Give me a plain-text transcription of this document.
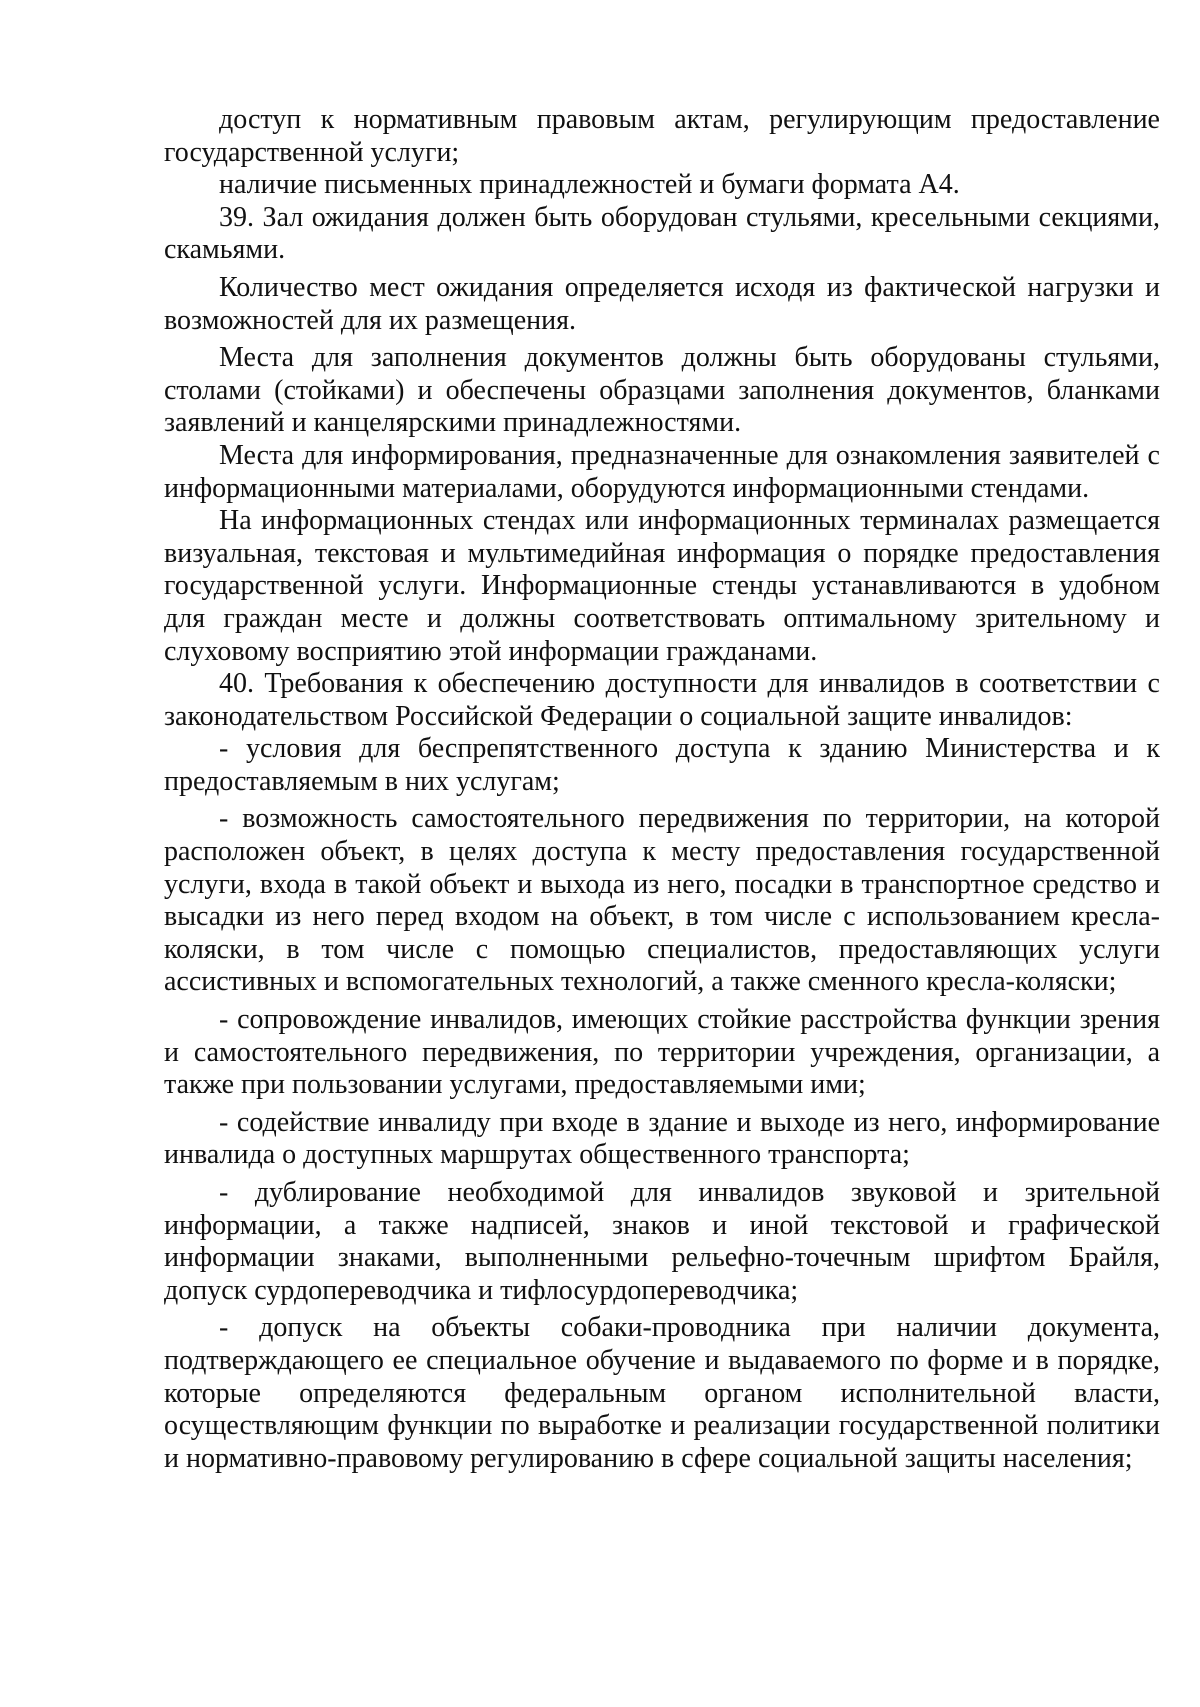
доступ к нормативным правовым актам, регулирующим предоставление государственной услуги;

наличие письменных принадлежностей и бумаги формата А4.

39. Зал ожидания должен быть оборудован стульями, кресельными секциями, скамьями.

Количество мест ожидания определяется исходя из фактической нагрузки и возможностей для их размещения.

Места для заполнения документов должны быть оборудованы стульями, столами (стойками) и обеспечены образцами заполнения документов, бланками заявлений и канцелярскими принадлежностями.

Места для информирования, предназначенные для ознакомления заявителей с информационными материалами, оборудуются информационными стендами.

На информационных стендах или информационных терминалах размещается визуальная, текстовая и мультимедийная информация о порядке предоставления государственной услуги. Информационные стенды устанавливаются в удобном для граждан месте и должны соответствовать оптимальному зрительному и слуховому восприятию этой информации гражданами.

40. Требования к обеспечению доступности для инвалидов в соответствии с законодательством Российской Федерации о социальной защите инвалидов:

- условия для беспрепятственного доступа к зданию Министерства и к предоставляемым в них услугам;

- возможность самостоятельного передвижения по территории, на которой расположен объект, в целях доступа к месту предоставления государственной услуги, входа в такой объект и выхода из него, посадки в транспортное средство и высадки из него перед входом на объект, в том числе с использованием кресла-коляски, в том числе с помощью специалистов, предоставляющих услуги ассистивных и вспомогательных технологий, а также сменного кресла-коляски;

- сопровождение инвалидов, имеющих стойкие расстройства функции зрения и самостоятельного передвижения, по территории учреждения, организации, а также при пользовании услугами, предоставляемыми ими;

- содействие инвалиду при входе в здание и выходе из него, информирование инвалида о доступных маршрутах общественного транспорта;

- дублирование необходимой для инвалидов звуковой и зрительной информации, а также надписей, знаков и иной текстовой и графической информации знаками, выполненными рельефно-точечным шрифтом Брайля, допуск сурдопереводчика и тифлосурдопереводчика;

- допуск на объекты собаки-проводника при наличии документа, подтверждающего ее специальное обучение и выдаваемого по форме и в порядке, которые определяются федеральным органом исполнительной власти, осуществляющим функции по выработке и реализации государственной политики и нормативно-правовому регулированию в сфере социальной защиты населения;
